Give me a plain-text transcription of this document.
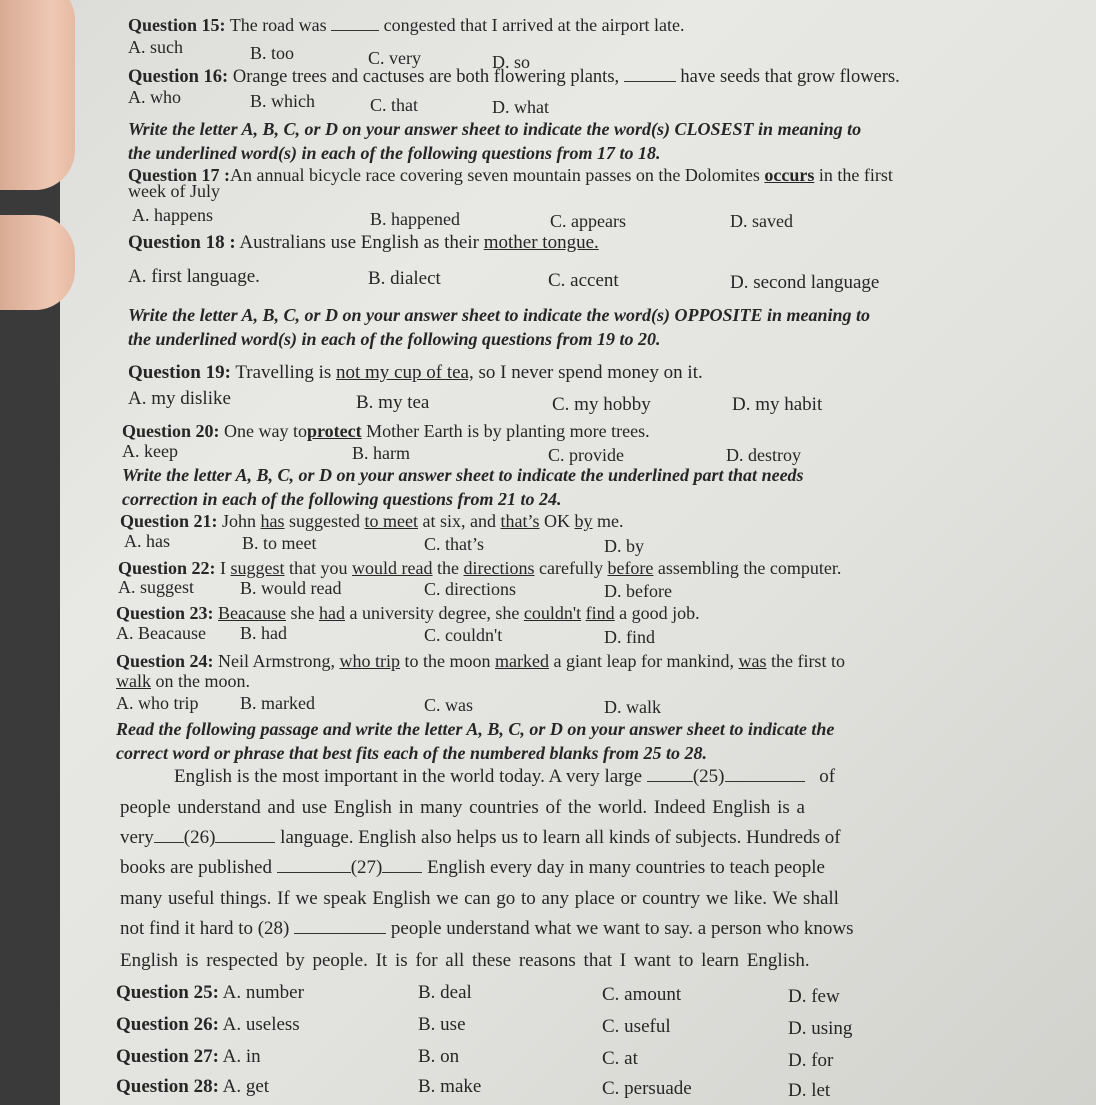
Question 15: The road was	congested that I arrived at the airport late.
A. such	B. too	C. very	D. so
Question 16: Orange trees and cactuses are both flowering plants,	have seeds that grow flowers.
A. who	B. which	C. that	D. what
Write the letter A, B, C, or D on your answer sheet to indicate the word(s) CLOSEST in meaning to
the underlined word(s) in each of the following questions from 17 to 18.
Question 17 :An annual bicycle race covering seven mountain passes on the Dolomites occurs in the first
week of July
A. happens	B. happened	C. appears	D. saved
Question 18 : Australians use English as their mother tongue.
A. first language.	B. dialect	C. accent	D. second language
Write the letter A, B, C, or D on your answer sheet to indicate the word(s) OPPOSITE in meaning to
the underlined word(s) in each of the following questions from 19 to 20.
Question 19: Travelling is not my cup of tea, so I never spend money on it.
A. my dislike	B. my tea	C. my hobby	D. my habit
Question 20: One way toprotect Mother Earth is by planting more trees.
A. keep	B. harm	C. provide	D. destroy
Write the letter A, B, C, or D on your answer sheet to indicate the underlined part that needs
correction in each of the following questions from 21 to 24.
Question 21: John has suggested to meet at six, and that’s OK by me.
A. has	B. to meet	C. that’s	D. by
Question 22: I suggest that you would read the directions carefully before assembling the computer.
A. suggest	B. would read	C. directions	D. before
Question 23: Beacause she had a university degree, she couldn't find a good job.
A. Beacause B. had	C. couldn't	D. find
Question 24: Neil Armstrong, who trip to the moon marked a giant leap for mankind, was the first to
walk on the moon.
A. who trip B. marked	C. was	D. walk
Read the following passage and write the letter A, B, C, or D on your answer sheet to indicate the
correct word or phrase that best fits each of the numbered blanks from 25 to 28.
English is the most important in the world today. A very large	(25)	of
people understand and use English in many countries of the world. Indeed English is a
very (26)	language. English also helps us to learn all kinds of subjects. Hundreds of
books are published	(27) English every day in many countries to teach people
many useful things. If we speak English we can go to any place or country we like. We shall
not find it hard to (28)	people understand what we want to say. a person who knows
English is respected by people. It is for all these reasons that I want to learn English.
Question 25: A. number	B. deal	C. amount	D. few
Question 26: A. useless	B. use	C. useful	D. using
Question 27: A. in	B. on	C. at	D. for
Question 28: A. get	B. make	C. persuade	D. let
